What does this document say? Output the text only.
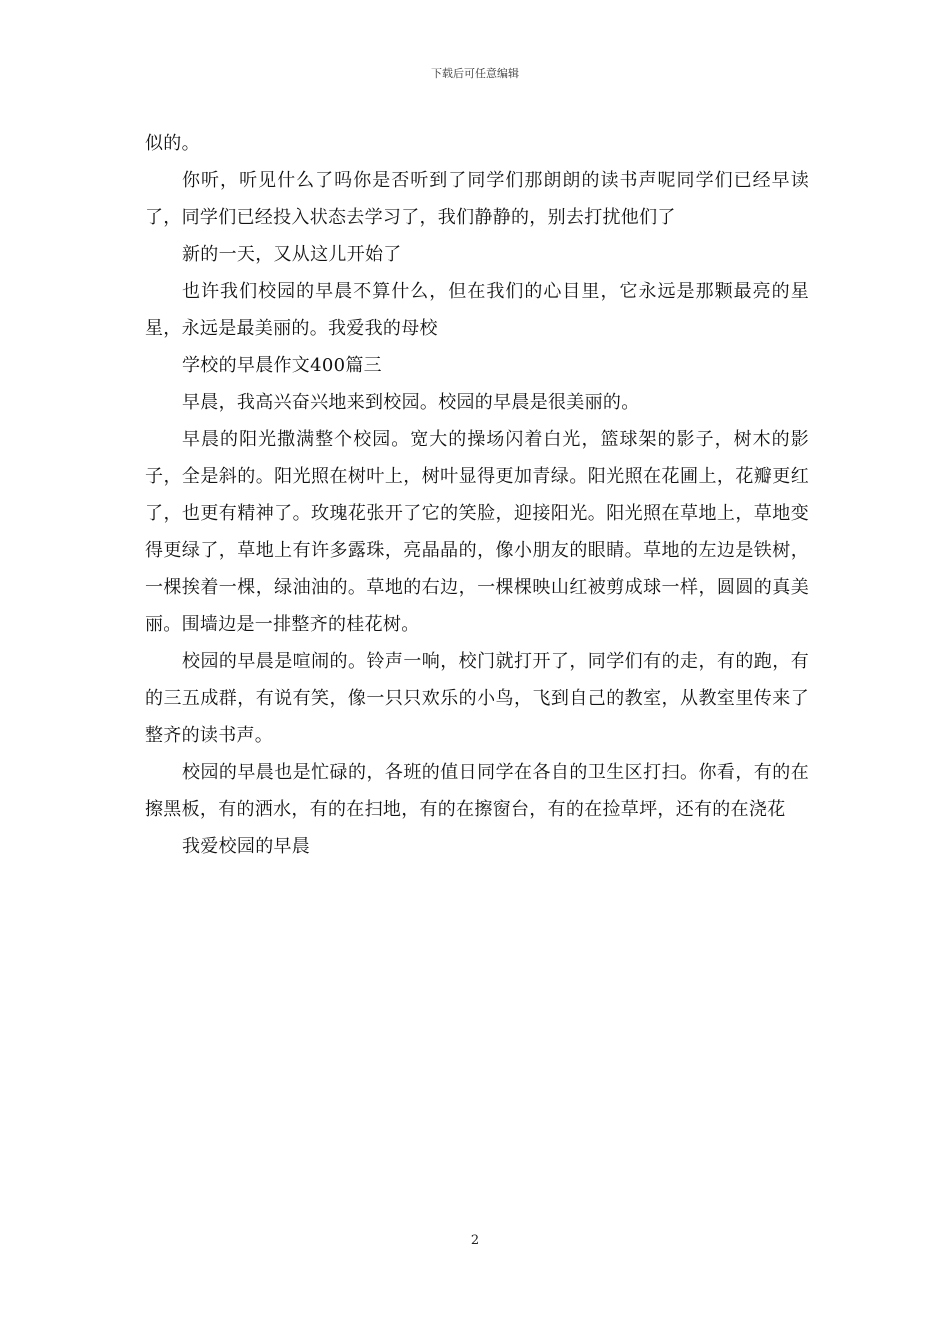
下载后可任意编辑

似的。

你听，听见什么了吗你是否听到了同学们那朗朗的读书声呢同学们已经早读了，同学们已经投入状态去学习了，我们静静的，别去打扰他们了

新的一天，又从这儿开始了

也许我们校园的早晨不算什么，但在我们的心目里，它永远是那颗最亮的星星，永远是最美丽的。我爱我的母校

学校的早晨作文400篇三

早晨，我高兴奋兴地来到校园。校园的早晨是很美丽的。

早晨的阳光撒满整个校园。宽大的操场闪着白光，篮球架的影子，树木的影子，全是斜的。阳光照在树叶上，树叶显得更加青绿。阳光照在花圃上，花瓣更红了，也更有精神了。玫瑰花张开了它的笑脸，迎接阳光。阳光照在草地上，草地变得更绿了，草地上有许多露珠，亮晶晶的，像小朋友的眼睛。草地的左边是铁树，一棵挨着一棵，绿油油的。草地的右边，一棵棵映山红被剪成球一样，圆圆的真美丽。围墙边是一排整齐的桂花树。

校园的早晨是喧闹的。铃声一响，校门就打开了，同学们有的走，有的跑，有的三五成群，有说有笑，像一只只欢乐的小鸟，飞到自己的教室，从教室里传来了整齐的读书声。

校园的早晨也是忙碌的，各班的值日同学在各自的卫生区打扫。你看，有的在擦黑板，有的洒水，有的在扫地，有的在擦窗台，有的在捡草坪，还有的在浇花

我爱校园的早晨

2
